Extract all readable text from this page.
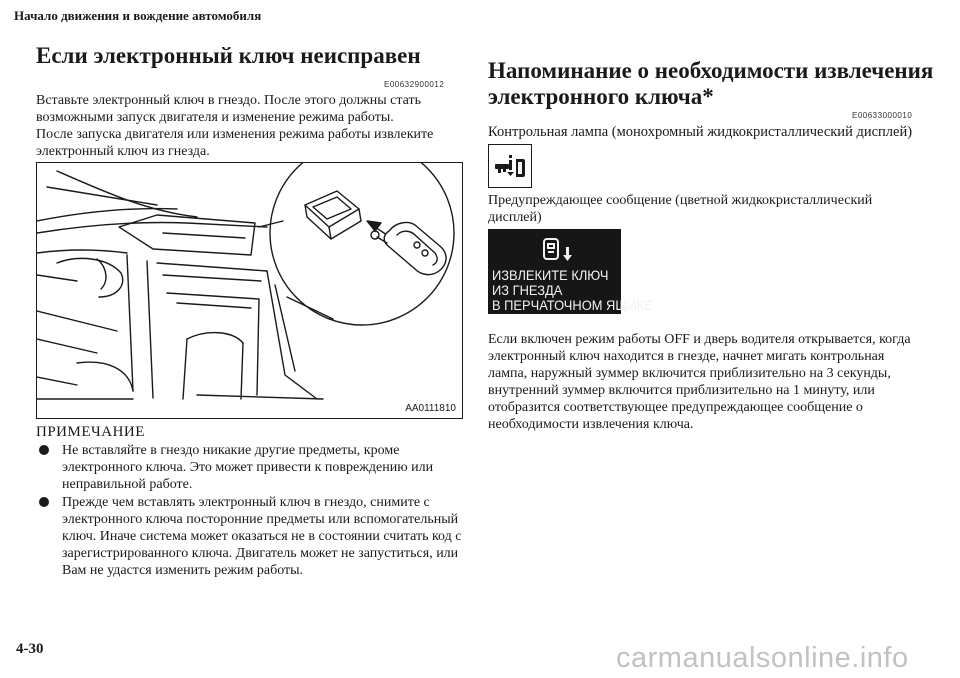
Начало движения и вождение автомобиля
Если электронный ключ неисправен
E00632900012
Вставьте электронный ключ в гнездо. После этого должны стать возможными запуск двигателя и изменение режима работы.
После запуска двигателя или изменения режима работы извлеките электронный ключ из гнезда.
AA0111810
ПРИМЕЧАНИЕ
Не вставляйте в гнездо никакие другие предметы, кроме электронного ключа. Это может привести к повреждению или неправильной работе.
Прежде чем вставлять электронный ключ в гнездо, снимите с электронного ключа посторонние предметы или вспомогательный ключ. Иначе система может оказаться не в состоянии считать код с зарегистрированного ключа. Двигатель может не запуститься, или Вам не удастся изменить режим работы.
Напоминание о необходимости извлечения
электронного ключа*
E00633000010
Контрольная лампа (монохромный жидкокристаллический дисплей)
Предупреждающее сообщение (цветной жидкокристаллический дисплей)
ИЗВЛЕКИТЕ КЛЮЧ
ИЗ ГНЕЗДА
В ПЕРЧАТОЧНОМ ЯЩИКЕ
Если включен режим работы OFF и дверь водителя открывается, когда электронный ключ находится в гнезде, начнет мигать контрольная лампа, наружный зуммер включится приблизительно на 3 секунды, внутренний зуммер включится приблизительно на 1 минуту, или отобразится соответствующее предупреждающее сообщение о необходимости извлечения ключа.
4-30	carmanualsonline.info
